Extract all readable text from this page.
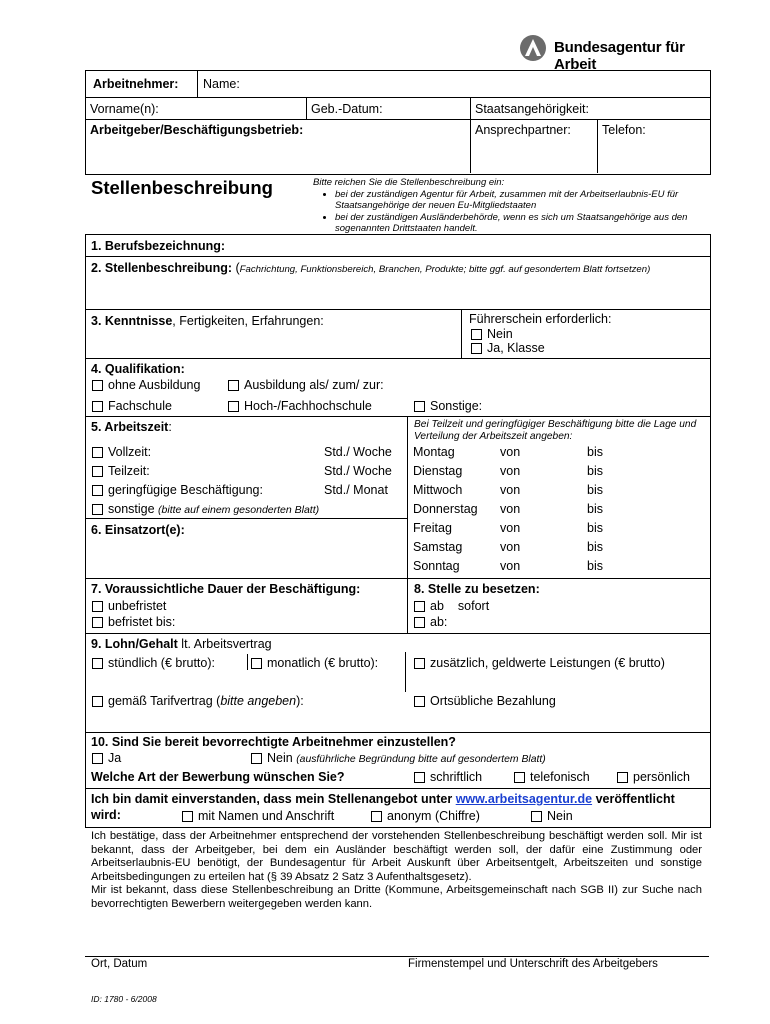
Bundesagentur für Arbeit
Arbeitnehmer: Name:
Vorname(n):	Geb.-Datum:	Staatsangehörigkeit:
Arbeitgeber/Beschäftigungsbetrieb:	Ansprechpartner: Telefon:
Stellenbeschreibung	Bitte reichen Sie die Stellenbeschreibung ein:
• bei der zuständigen Agentur für Arbeit, zusammen mit der Arbeitserlaubnis-EU für Staatsangehörige der neuen Eu-Mitgliedstaaten
• bei der zuständigen Ausländerbehörde, wenn es sich um Staatsangehörige aus den sogenannten Drittstaaten handelt.
1. Berufsbezeichnung:
2. Stellenbeschreibung: (Fachrichtung, Funktionsbereich, Branchen, Produkte; bitte ggf. auf gesondertem Blatt fortsetzen)
3. Kenntnisse, Fertigkeiten, Erfahrungen:	Führerschein erforderlich:
Nein
Ja, Klasse
4. Qualifikation:
ohne Ausbildung	Ausbildung als/ zum/ zur:
Fachschule	Hoch-/Fachhochschule	Sonstige:
5. Arbeitszeit:	Bei Teilzeit und geringfügiger Beschäftigung bitte die Lage und Verteilung der Arbeitszeit angeben:
Vollzeit:	Std./ Woche
Teilzeit:	Std./ Woche
geringfügige Beschäftigung:	Std./ Monat
sonstige (bitte auf einem gesonderten Blatt)
Montag	von	bis
Dienstag	von	bis
Mittwoch	von	bis
Donnerstag von	bis
Freitag	von	bis
Samstag	von	bis
Sonntag	von	bis
6. Einsatzort(e):
7. Voraussichtliche Dauer der Beschäftigung:
unbefristet
befristet bis:
8. Stelle zu besetzen:
ab sofort
ab:
9. Lohn/Gehalt lt. Arbeitsvertrag
stündlich (€ brutto):	monatlich (€ brutto):	zusätzlich, geldwerte Leistungen (€ brutto)
gemäß Tarifvertrag (bitte angeben):	Ortsübliche Bezahlung
10. Sind Sie bereit bevorrechtigte Arbeitnehmer einzustellen?
Ja	Nein (ausführliche Begründung bitte auf gesondertem Blatt)
Welche Art der Bewerbung wünschen Sie?	schriftlich	telefonisch	persönlich
Ich bin damit einverstanden, dass mein Stellenangebot unter www.arbeitsagentur.de veröffentlicht
wird:	mit Namen und Anschrift	anonym (Chiffre)	Nein
Ich bestätige, dass der Arbeitnehmer entsprechend der vorstehenden Stellenbeschreibung beschäftigt werden soll. Mir ist bekannt, dass der Arbeitgeber, bei dem ein Ausländer beschäftigt werden soll, der dafür eine Zustimmung oder Arbeitserlaubnis-EU benötigt, der Bundesagentur für Arbeit Auskunft über Arbeitsentgelt, Arbeitszeiten und sonstige Arbeitsbedingungen zu erteilen hat (§ 39 Absatz 2 Satz 3 Aufenthaltsgesetz).
Mir ist bekannt, dass diese Stellenbeschreibung an Dritte (Kommune, Arbeitsgemeinschaft nach SGB II) zur Suche nach bevorrechtigten Bewerbern weitergegeben werden kann.
Ort, Datum	Firmenstempel und Unterschrift des Arbeitgebers
ID: 1780 - 6/2008
